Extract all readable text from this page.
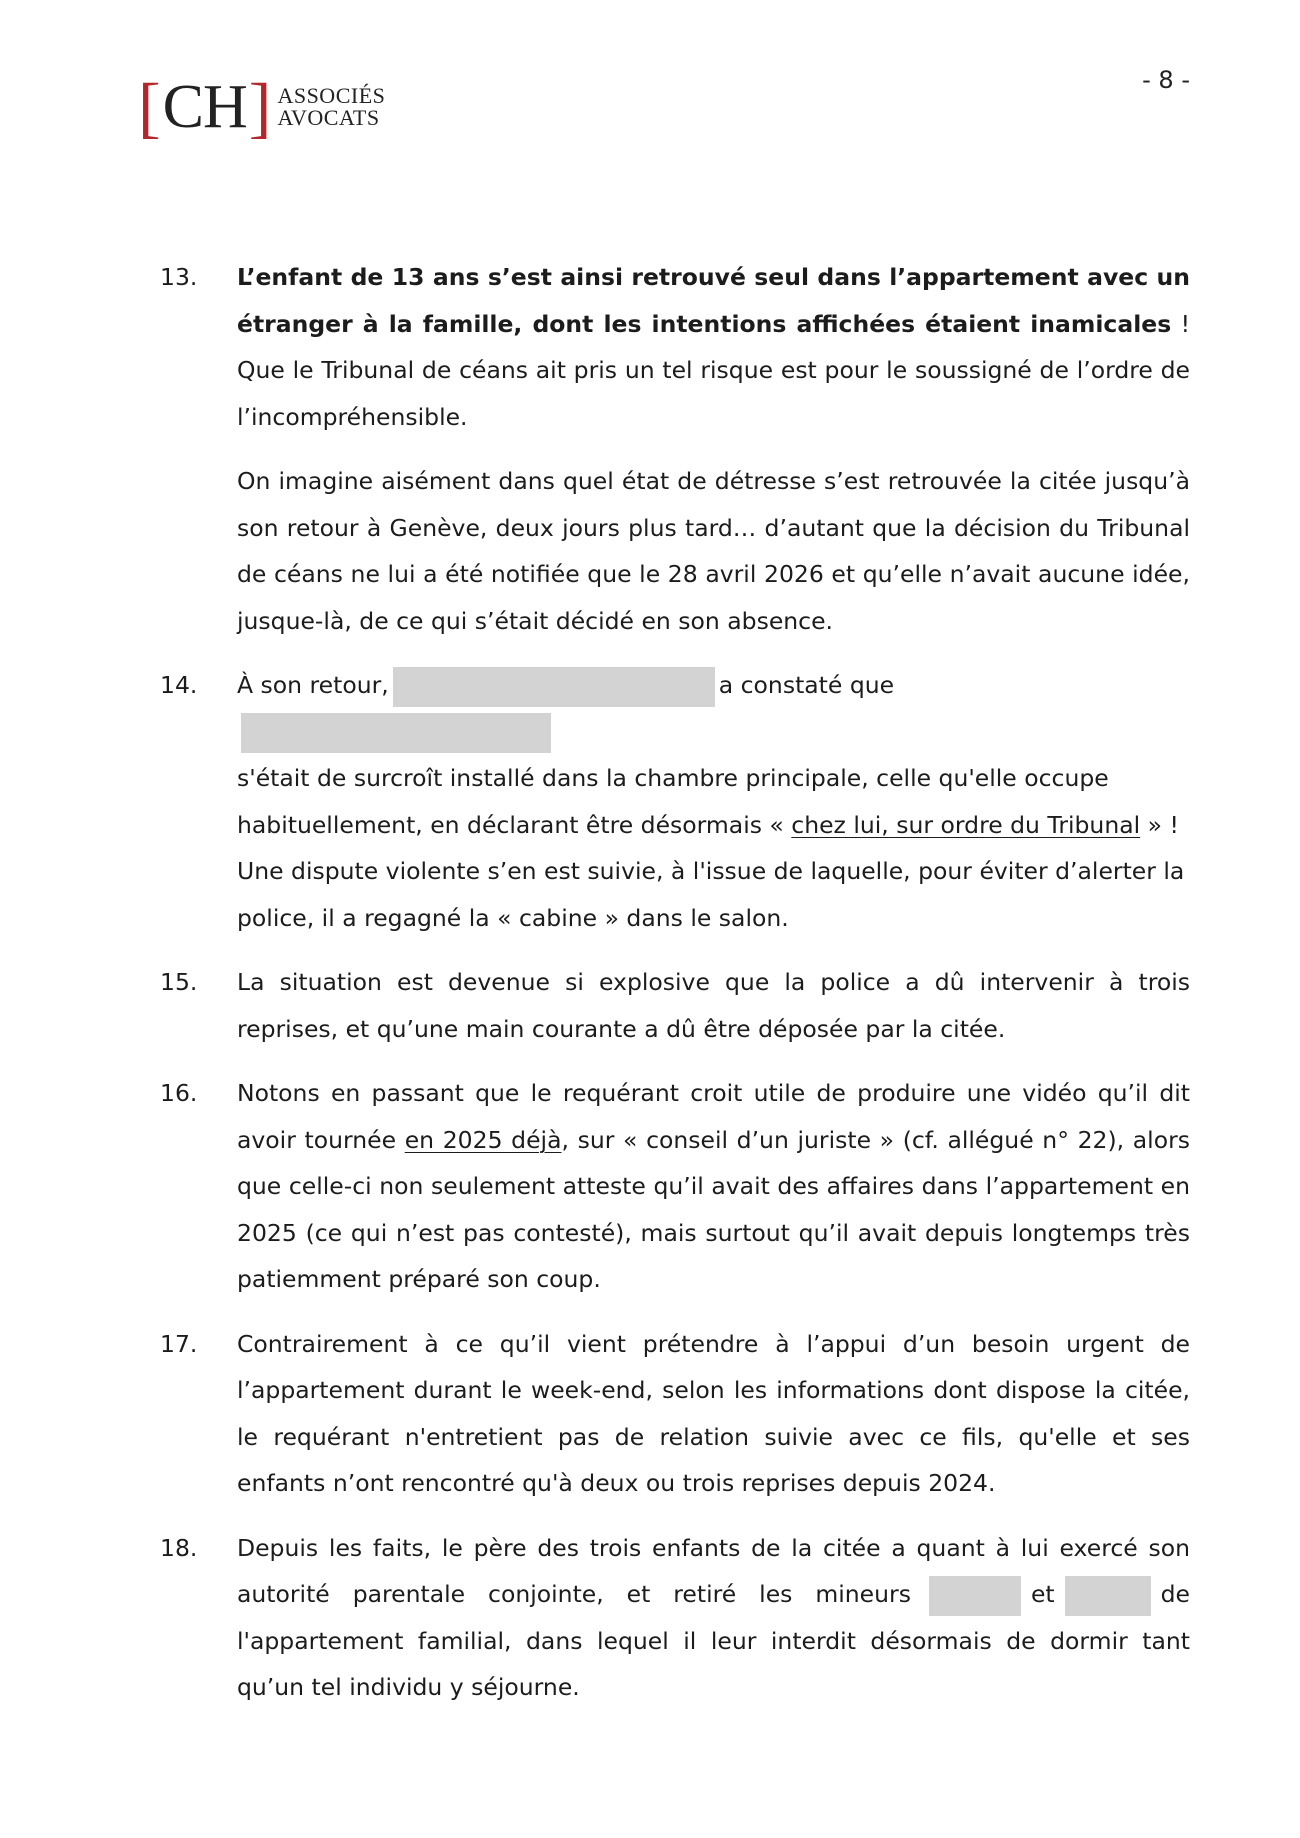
[ CH ] ASSOCIÉS
AVOCATS
- 8 -
13.	L’enfant de 13 ans s’est ainsi retrouvé seul dans l’appartement avec un étranger à la famille, dont les intentions affichées étaient inamicales ! Que le Tribunal de céans ait pris un tel risque est pour le soussigné de l’ordre de l’incompréhensible.

On imagine aisément dans quel état de détresse s’est retrouvée la citée jusqu’à son retour à Genève, deux jours plus tard… d’autant que la décision du Tribunal de céans ne lui a été notifiée que le 28 avril 2026 et qu’elle n’avait aucune idée, jusque-là, de ce qui s’était décidé en son absence.

14.	À son retour,	a constaté que
s'était de surcroît installé dans la chambre principale, celle qu'elle occupe habituellement, en déclarant être désormais « chez lui, sur ordre du Tribunal » ! Une dispute violente s’en est suivie, à l'issue de laquelle, pour éviter d’alerter la police, il a regagné la « cabine » dans le salon.

15.	La situation est devenue si explosive que la police a dû intervenir à trois reprises, et qu’une main courante a dû être déposée par la citée.

16.	Notons en passant que le requérant croit utile de produire une vidéo qu’il dit avoir tournée en 2025 déjà, sur « conseil d’un juriste » (cf. allégué n° 22), alors que celle-ci non seulement atteste qu’il avait des affaires dans l’appartement en 2025 (ce qui n’est pas contesté), mais surtout qu’il avait depuis longtemps très patiemment préparé son coup.

17.	Contrairement à ce qu’il vient prétendre à l’appui d’un besoin urgent de l’appartement durant le week-end, selon les informations dont dispose la citée, le requérant n'entretient pas de relation suivie avec ce fils, qu'elle et ses enfants n’ont rencontré qu'à deux ou trois reprises depuis 2024.

18.	Depuis les faits, le père des trois enfants de la citée a quant à lui exercé son autorité parentale conjointe, et retiré les mineurs	et	de l'appartement familial, dans lequel il leur interdit désormais de dormir tant qu’un tel individu y séjourne.
